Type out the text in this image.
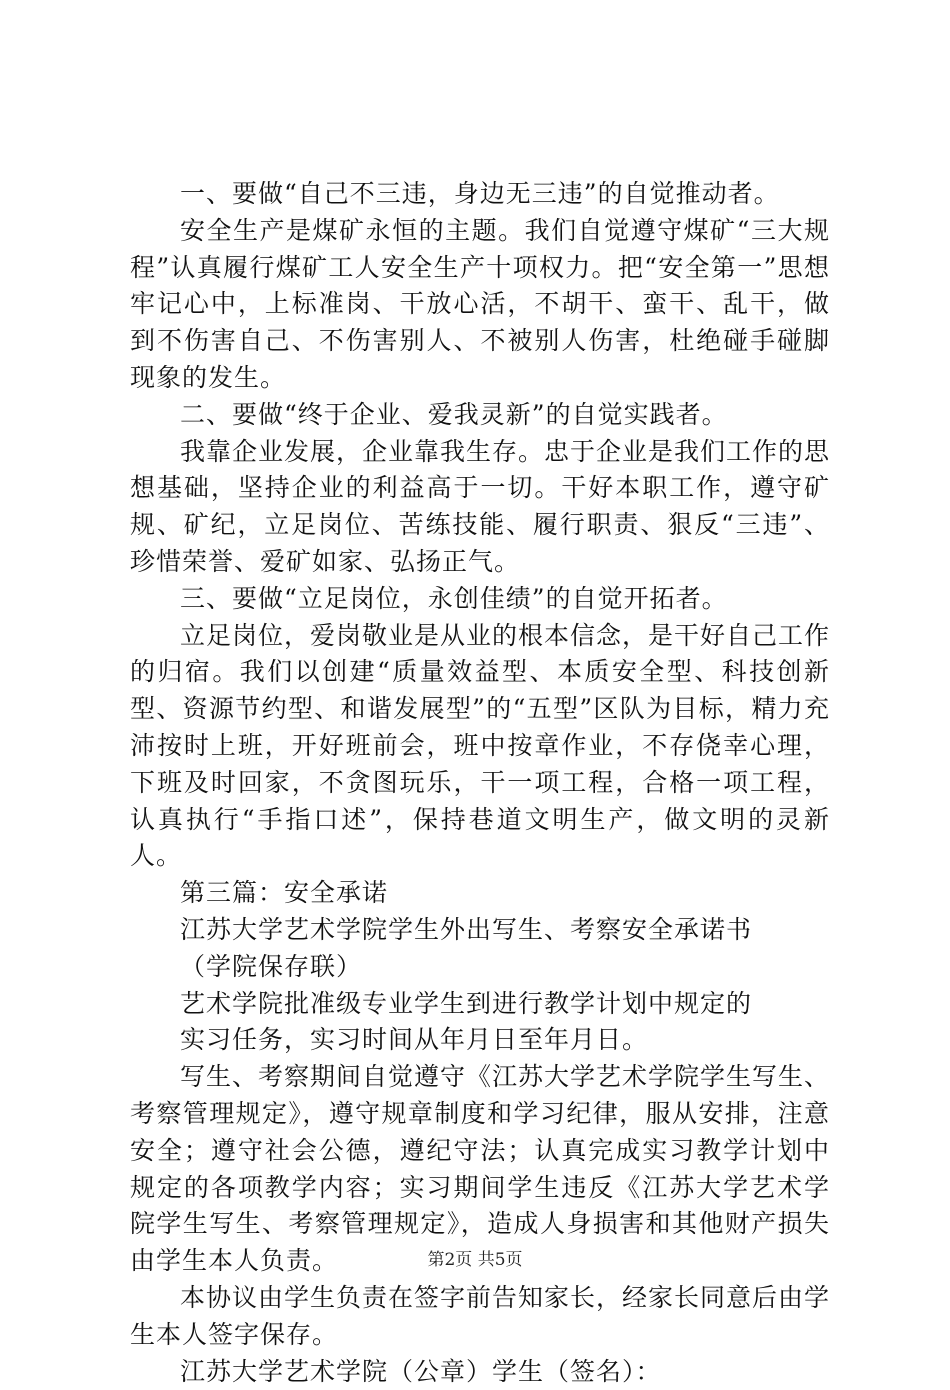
一、要做“自己不三违，身边无三违”的自觉推动者。

安全生产是煤矿永恒的主题。我们自觉遵守煤矿“三大规程”认真履行煤矿工人安全生产十项权力。把“安全第一”思想牢记心中，上标准岗、干放心活，不胡干、蛮干、乱干，做到不伤害自己、不伤害别人、不被别人伤害，杜绝碰手碰脚现象的发生。

二、要做“终于企业、爱我灵新”的自觉实践者。

我靠企业发展，企业靠我生存。忠于企业是我们工作的思想基础，坚持企业的利益高于一切。干好本职工作，遵守矿规、矿纪，立足岗位、苦练技能、履行职责、狠反“三违”、珍惜荣誉、爱矿如家、弘扬正气。

三、要做“立足岗位，永创佳绩”的自觉开拓者。

立足岗位，爱岗敬业是从业的根本信念，是干好自己工作的归宿。我们以创建“质量效益型、本质安全型、科技创新型、资源节约型、和谐发展型”的“五型”区队为目标，精力充沛按时上班，开好班前会，班中按章作业，不存侥幸心理，下班及时回家，不贪图玩乐，干一项工程，合格一项工程，认真执行“手指口述”，保持巷道文明生产，做文明的灵新人。

第三篇：安全承诺

江苏大学艺术学院学生外出写生、考察安全承诺书

（学院保存联）

艺术学院批准级专业学生到进行教学计划中规定的

实习任务，实习时间从年月日至年月日。

写生、考察期间自觉遵守《江苏大学艺术学院学生写生、考察管理规定》，遵守规章制度和学习纪律，服从安排，注意安全；遵守社会公德，遵纪守法；认真完成实习教学计划中规定的各项教学内容；实习期间学生违反《江苏大学艺术学院学生写生、考察管理规定》，造成人身损害和其他财产损失由学生本人负责。

本协议由学生负责在签字前告知家长，经家长同意后由学生本人签字保存。

江苏大学艺术学院（公章）学生（签名）：

第2页 共5页
